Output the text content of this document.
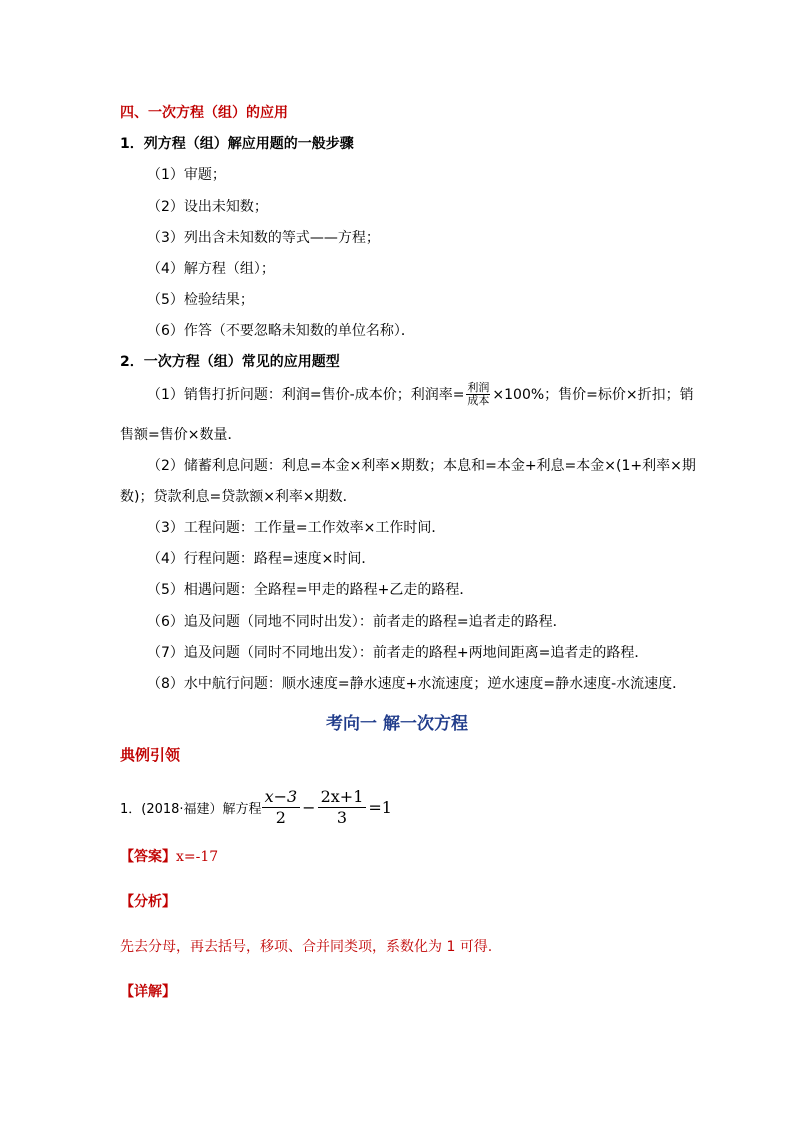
四、一次方程（组）的应用
1．列方程（组）解应用题的一般步骤
（1）审题；
（2）设出未知数；
（3）列出含未知数的等式——方程；
（4）解方程（组）；
（5）检验结果；
（6）作答（不要忽略未知数的单位名称）．
2．一次方程（组）常见的应用题型
（1）销售打折问题：利润=售价-成本价；利润率= $\frac{\text{利润}}{\text{成本}} \times 100\%$；售价=标价×折扣；销
售额=售价×数量．
（2）储蓄利息问题：利息=本金×利率×期数；本息和=本金+利息=本金×(1+利率×期
数)；贷款利息=贷款额×利率×期数．
（3）工程问题：工作量=工作效率×工作时间．
（4）行程问题：路程=速度×时间．
（5）相遇问题：全路程=甲走的路程+乙走的路程．
（6）追及问题（同地不同时出发）：前者走的路程=追者走的路程．
（7）追及问题（同时不同地出发）：前者走的路程+两地间距离=追者走的路程．
（8）水中航行问题：顺水速度=静水速度+水流速度；逆水速度=静水速度-水流速度．
考向一 解一次方程
典例引领
1．(2018·福建）解方程 $\frac{x-3}{2} - \frac{2x+1}{3} =1$
【答案】 x=-17
【分析】
先去分母，再去括号，移项、合并同类项，系数化为 1 可得.
【详解】
